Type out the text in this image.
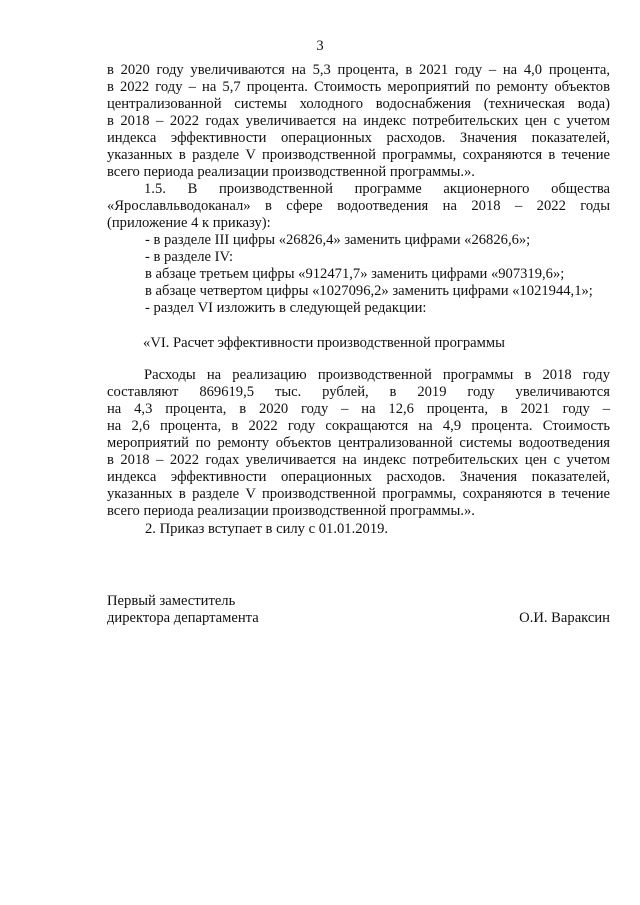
3

в 2020 году увеличиваются на 5,3 процента, в 2021 году – на 4,0 процента,

в 2022 году – на 5,7 процента. Стоимость мероприятий по ремонту объектов

централизованной системы холодного водоснабжения (техническая вода)

в 2018 – 2022 годах увеличивается на индекс потребительских цен с учетом

индекса эффективности операционных расходов. Значения показателей,

указанных в разделе V производственной программы, сохраняются в течение

всего периода реализации производственной программы.».

1.5. В производственной программе акционерного общества

«Ярославльводоканал» в сфере водоотведения на 2018 – 2022 годы

(приложение 4 к приказу):

- в разделе III цифры «26826,4» заменить цифрами «26826,6»;

- в разделе IV:

в абзаце третьем цифры «912471,7» заменить цифрами «907319,6»;

в абзаце четвертом цифры «1027096,2» заменить цифрами «1021944,1»;

- раздел VI изложить в следующей редакции:

«VI. Расчет эффективности производственной программы

Расходы на реализацию производственной программы в 2018 году

составляют 869619,5 тыс. рублей, в 2019 году увеличиваются

на 4,3 процента, в 2020 году – на 12,6 процента, в 2021 году –

на 2,6 процента, в 2022 году сокращаются на 4,9 процента. Стоимость

мероприятий по ремонту объектов централизованной системы водоотведения

в 2018 – 2022 годах увеличивается на индекс потребительских цен с учетом

индекса эффективности операционных расходов. Значения показателей,

указанных в разделе V производственной программы, сохраняются в течение

всего периода реализации производственной программы.».

2. Приказ вступает в силу с 01.01.2019.

Первый заместитель
директора департамента	О.И. Вараксин
